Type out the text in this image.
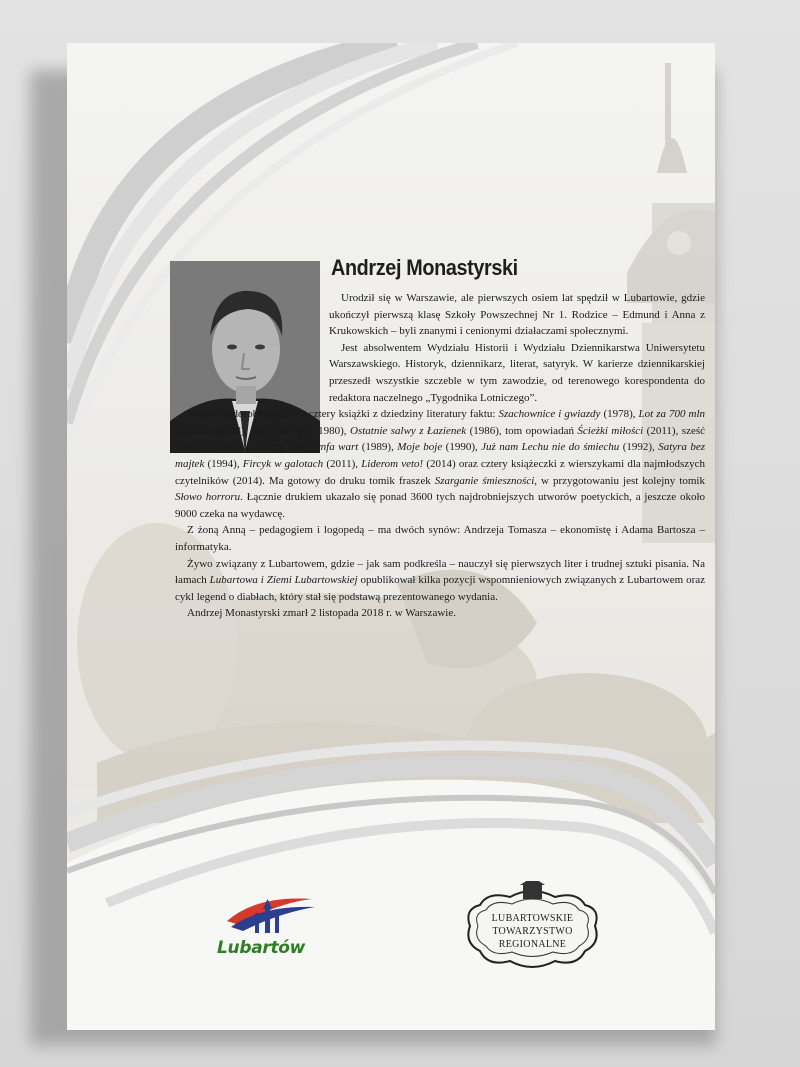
Andrzej Monastyrski

Urodził się w Warszawie, ale pierwszych osiem lat spędził w Lubartowie, gdzie ukończył pierwszą klasę Szkoły Powszechnej Nr 1. Rodzice – Edmund i Anna z Krukowskich – byli znanymi i cenionymi działaczami społecznymi.

Jest absolwentem Wydziału Historii i Wydziału Dziennikarstwa Uniwersytetu Warszawskiego. Historyk, dziennikarz, literat, satyryk. W karierze dziennikarskiej przeszedł wszystkie szczeble w tym zawodzie, od terenowego korespondenta do redaktora naczelnego „Tygodnika Lotniczego”.

W swoim dorobku posiada cztery książki z dziedziny literatury faktu: Szachownice i gwiazdy (1978), Lot za 700 mln dolarów (1978), Akacjowy gaj (1980), Ostatnie salwy z Łazienek (1986), tom opowiadań Ścieżki miłości (2011), sześć tomików fraszek: Dobry czart tynfa wart (1989), Moje boje (1990), Już nam Lechu nie do śmiechu (1992), Satyra bez majtek (1994), Fircyk w galotach (2011), Liderom veto! (2014) oraz cztery książeczki z wierszykami dla najmłodszych czytelników (2014). Ma gotowy do druku tomik fraszek Szarganie śmieszności, w przygotowaniu jest kolejny tomik Słowo horroru. Łącznie drukiem ukazało się ponad 3600 tych najdrobniejszych utworów poetyckich, a jeszcze około 9000 czeka na wydawcę.

Z żoną Anną – pedagogiem i logopedą – ma dwóch synów: Andrzeja Tomasza – ekonomistę i Adama Bartosza – informatyka.

Żywo związany z Lubartowem, gdzie – jak sam podkreśla – nauczył się pierwszych liter i trudnej sztuki pisania. Na łamach Lubartowa i Ziemi Lubartowskiej opublikował kilka pozycji wspomnieniowych związanych z Lubartowem oraz cykl legend o diabłach, który stał się podstawą prezentowanego wydania.

Andrzej Monastyrski zmarł 2 listopada 2018 r. w Warszawie.

Lubartów
LUBARTOWSKIE
TOWARZYSTWO
REGIONALNE
